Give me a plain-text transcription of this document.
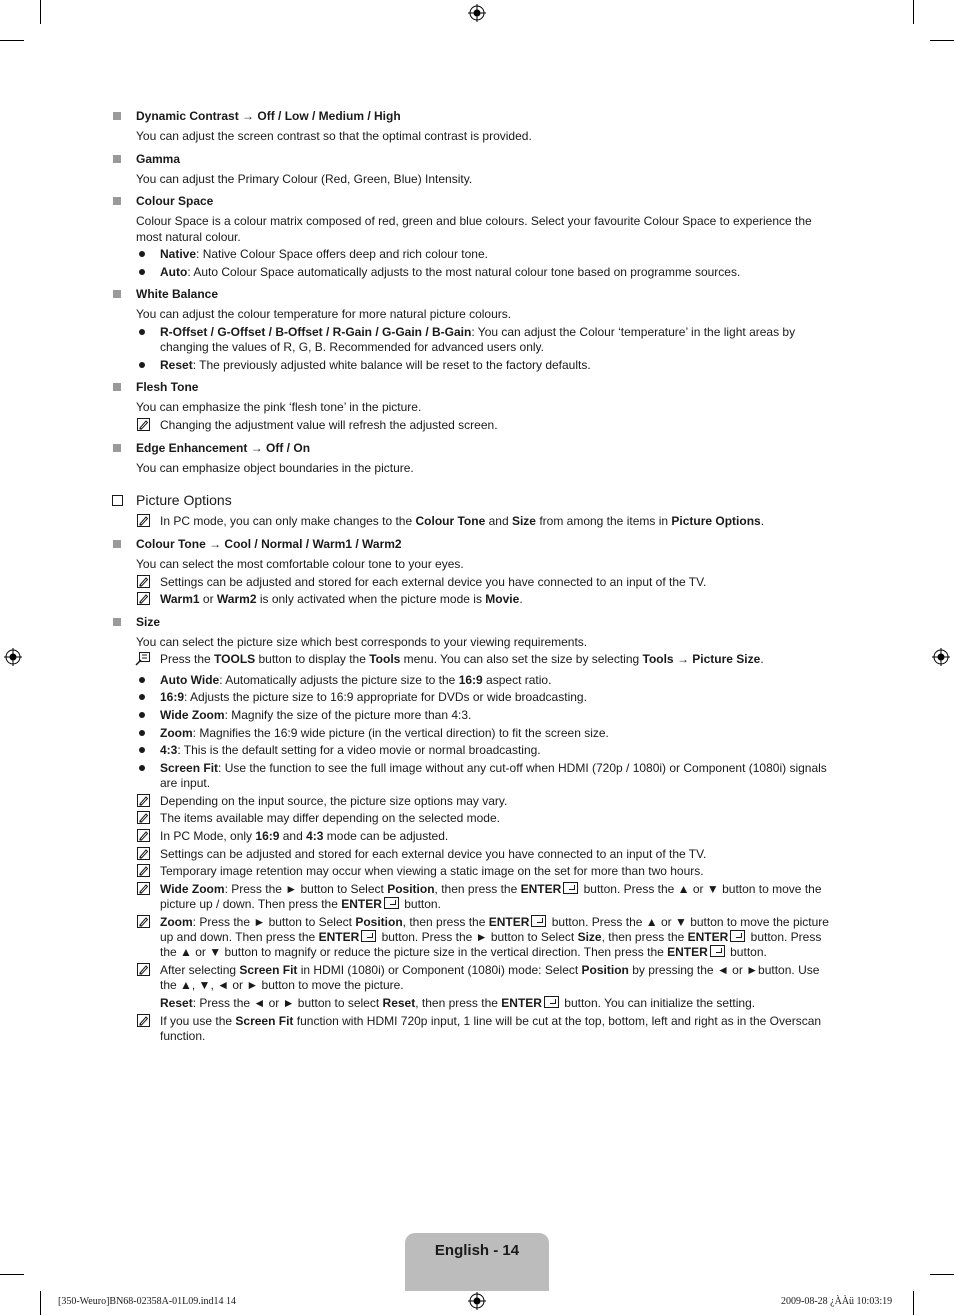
Dynamic Contrast → Off / Low / Medium / High
You can adjust the screen contrast so that the optimal contrast is provided.
Gamma
You can adjust the Primary Colour (Red, Green, Blue) Intensity.
Colour Space
Colour Space is a colour matrix composed of red, green and blue colours. Select your favourite Colour Space to experience the
most natural colour.
Native: Native Colour Space offers deep and rich colour tone.
Auto: Auto Colour Space automatically adjusts to the most natural colour tone based on programme sources.
White Balance
You can adjust the colour temperature for more natural picture colours.
R-Offset / G-Offset / B-Offset / R-Gain / G-Gain / B-Gain: You can adjust the Colour ‘temperature’ in the light areas by
changing the values of R, G, B. Recommended for advanced users only.
Reset: The previously adjusted white balance will be reset to the factory defaults.
Flesh Tone
You can emphasize the pink ‘flesh tone’ in the picture.
Changing the adjustment value will refresh the adjusted screen.
Edge Enhancement → Off / On
You can emphasize object boundaries in the picture.
Picture Options
In PC mode, you can only make changes to the Colour Tone and Size from among the items in Picture Options.
Colour Tone → Cool / Normal / Warm1 / Warm2
You can select the most comfortable colour tone to your eyes.
Settings can be adjusted and stored for each external device you have connected to an input of the TV.
Warm1 or Warm2 is only activated when the picture mode is Movie.
Size
You can select the picture size which best corresponds to your viewing requirements.
Press the TOOLS button to display the Tools menu. You can also set the size by selecting Tools → Picture Size.
Auto Wide: Automatically adjusts the picture size to the 16:9 aspect ratio.
16:9: Adjusts the picture size to 16:9 appropriate for DVDs or wide broadcasting.
Wide Zoom: Magnify the size of the picture more than 4:3.
Zoom: Magnifies the 16:9 wide picture (in the vertical direction) to fit the screen size.
4:3: This is the default setting for a video movie or normal broadcasting.
Screen Fit: Use the function to see the full image without any cut-off when HDMI (720p / 1080i) or Component (1080i) signals
are input.
Depending on the input source, the picture size options may vary.
The items available may differ depending on the selected mode.
In PC Mode, only 16:9 and 4:3 mode can be adjusted.
Settings can be adjusted and stored for each external device you have connected to an input of the TV.
Temporary image retention may occur when viewing a static image on the set for more than two hours.
Wide Zoom: Press the ► button to Select Position, then press the ENTER button. Press the ▲ or ▼ button to move the
picture up / down. Then press the ENTER button.
Zoom: Press the ► button to Select Position, then press the ENTER button. Press the ▲ or ▼ button to move the picture
up and down. Then press the ENTER button. Press the ► button to Select Size, then press the ENTER button. Press
the ▲ or ▼ button to magnify or reduce the picture size in the vertical direction. Then press the ENTER button.
After selecting Screen Fit in HDMI (1080i) or Component (1080i) mode: Select Position by pressing the ◄ or ►button. Use
the ▲, ▼, ◄ or ► button to move the picture.
Reset: Press the ◄ or ► button to select Reset, then press the ENTER button. You can initialize the setting.
If you use the Screen Fit function with HDMI 720p input, 1 line will be cut at the top, bottom, left and right as in the Overscan
function.
English - 14
[350-Weuro]BN68-02358A-01L09.ind14 14	2009-08-28 ¿ÀÀü 10:03:19
